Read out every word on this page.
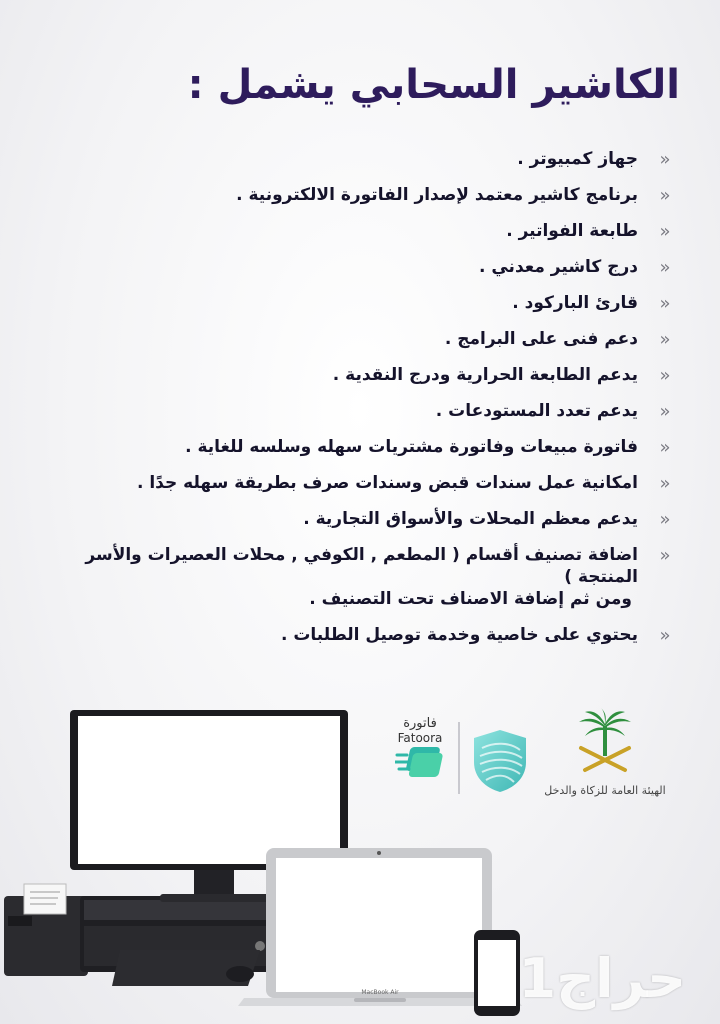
الكاشير السحابي يشمل :
«
جهاز كمبيوتر .
«
برنامج كاشير معتمد لإصدار الفاتورة الالكترونية .
«
طابعة الفواتير .
«
درج كاشير معدني .
«
قارئ الباركود .
«
دعم فنى على البرامج .
«
يدعم الطابعة الحرارية ودرج النقدية .
«
يدعم تعدد المستودعات .
«
فاتورة مبيعات وفاتورة مشتريات سهله وسلسه للغاية .
«
امكانية عمل سندات قبض وسندات صرف بطريقة سهله جدًا .
«
يدعم معظم المحلات والأسواق التجارية .
«
اضافة تصنيف أقسام ( المطعم , الكوفي , محلات العصيرات والأسر المنتجة )
ومن ثم إضافة الاصناف تحت التصنيف .
«
يحتوي على خاصية وخدمة توصيل الطلبات .
الهيئة العامة للزكاة والدخل
فاتورة
Fatoora
MacBook Air حراج1
